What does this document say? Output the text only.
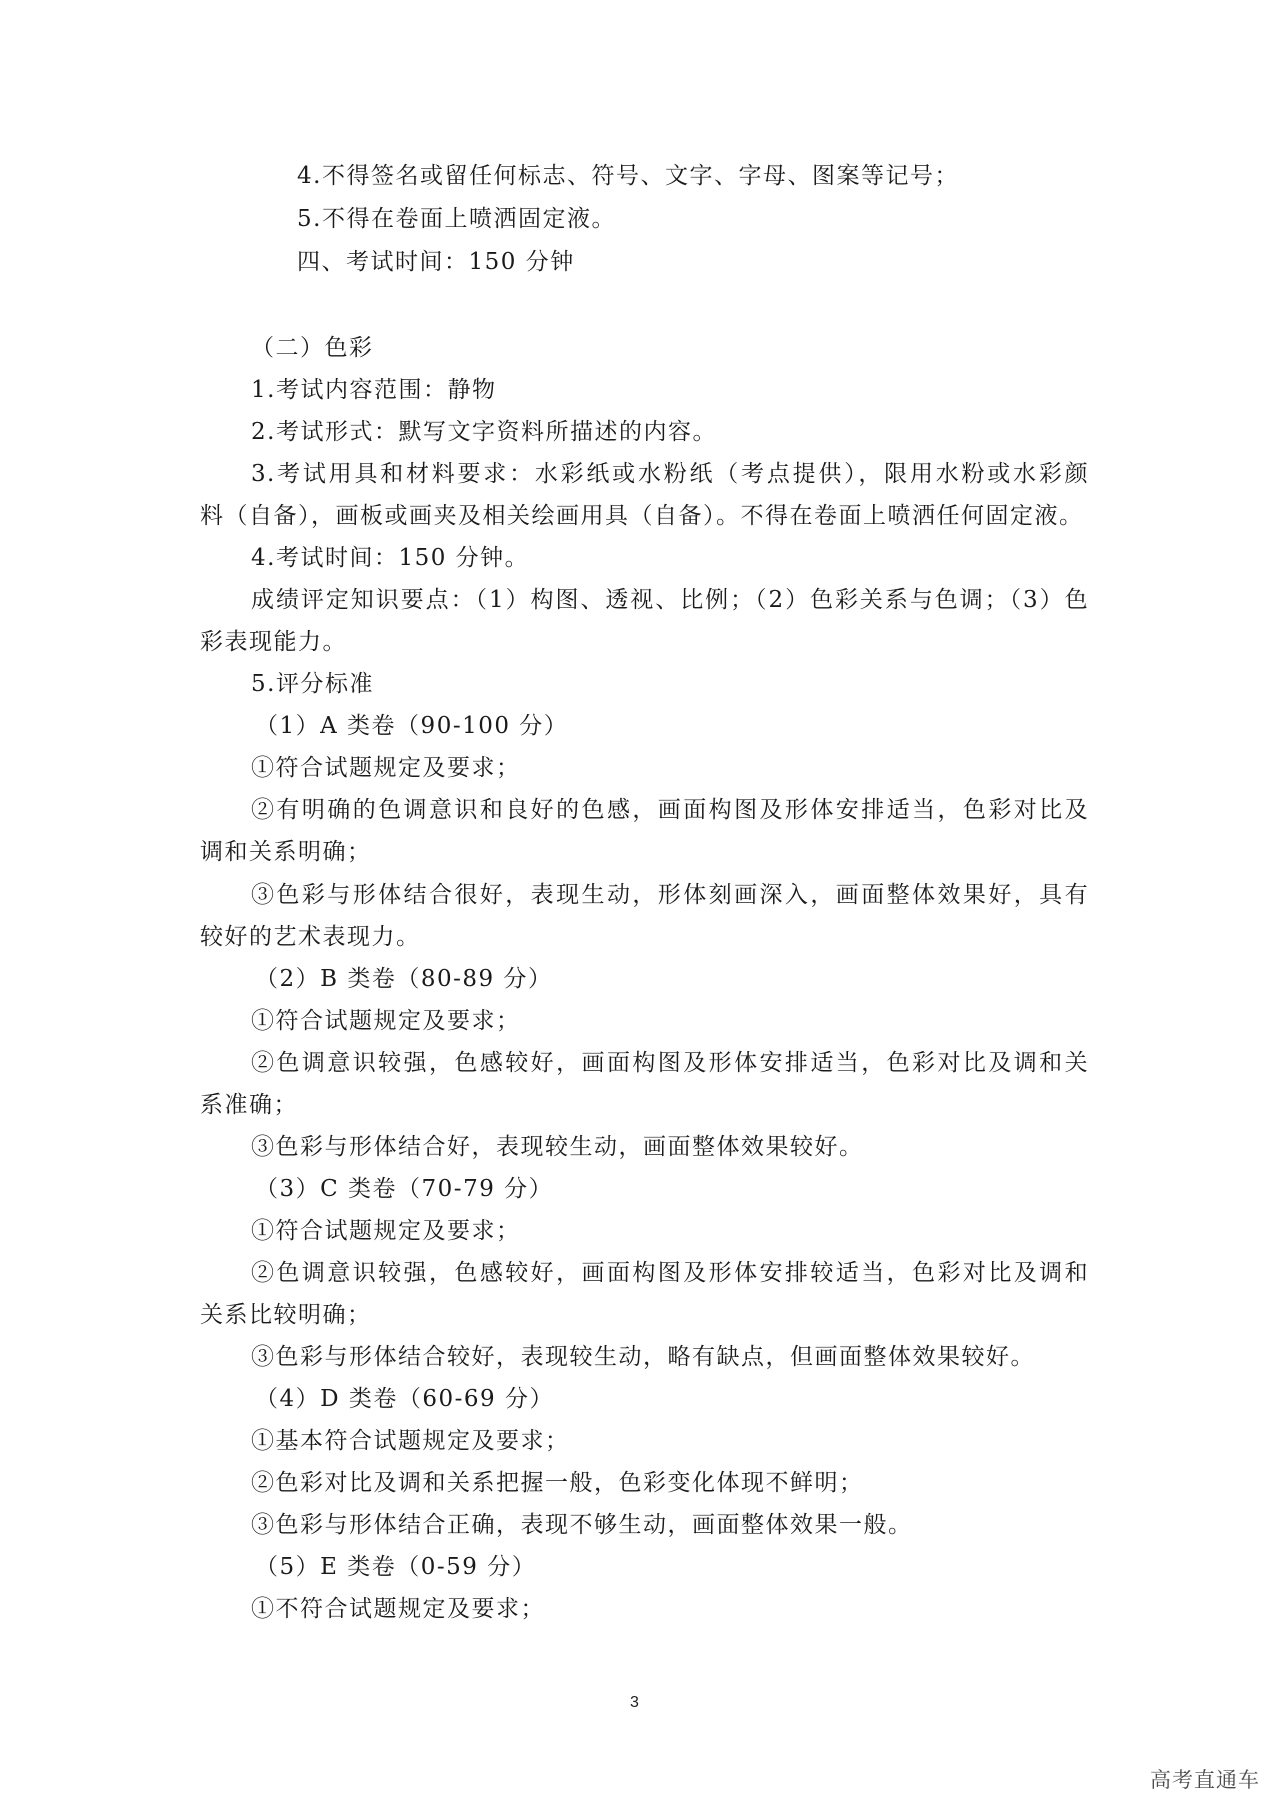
4.不得签名或留任何标志、符号、文字、字母、图案等记号；
5.不得在卷面上喷洒固定液。
四、考试时间：150 分钟
（二）色彩
1.考试内容范围：静物
2.考试形式：默写文字资料所描述的内容。
3.考试用具和材料要求：水彩纸或水粉纸（考点提供），限用水粉或水彩颜
料（自备），画板或画夹及相关绘画用具（自备）。不得在卷面上喷洒任何固定液。
4.考试时间：150 分钟。
成绩评定知识要点：（1）构图、透视、比例；（2）色彩关系与色调；（3）色
彩表现能力。
5.评分标准
（1）A 类卷（90-100 分）
①符合试题规定及要求；
②有明确的色调意识和良好的色感，画面构图及形体安排适当，色彩对比及
调和关系明确；
③色彩与形体结合很好，表现生动，形体刻画深入，画面整体效果好，具有
较好的艺术表现力。
（2）B 类卷（80-89 分）
①符合试题规定及要求；
②色调意识较强，色感较好，画面构图及形体安排适当，色彩对比及调和关
系准确；
③色彩与形体结合好，表现较生动，画面整体效果较好。
（3）C 类卷（70-79 分）
①符合试题规定及要求；
②色调意识较强，色感较好，画面构图及形体安排较适当，色彩对比及调和
关系比较明确；
③色彩与形体结合较好，表现较生动，略有缺点，但画面整体效果较好。
（4）D 类卷（60-69 分）
①基本符合试题规定及要求；
②色彩对比及调和关系把握一般，色彩变化体现不鲜明；
③色彩与形体结合正确，表现不够生动，画面整体效果一般。
（5）E 类卷（0-59 分）
①不符合试题规定及要求；
3
高考直通车
